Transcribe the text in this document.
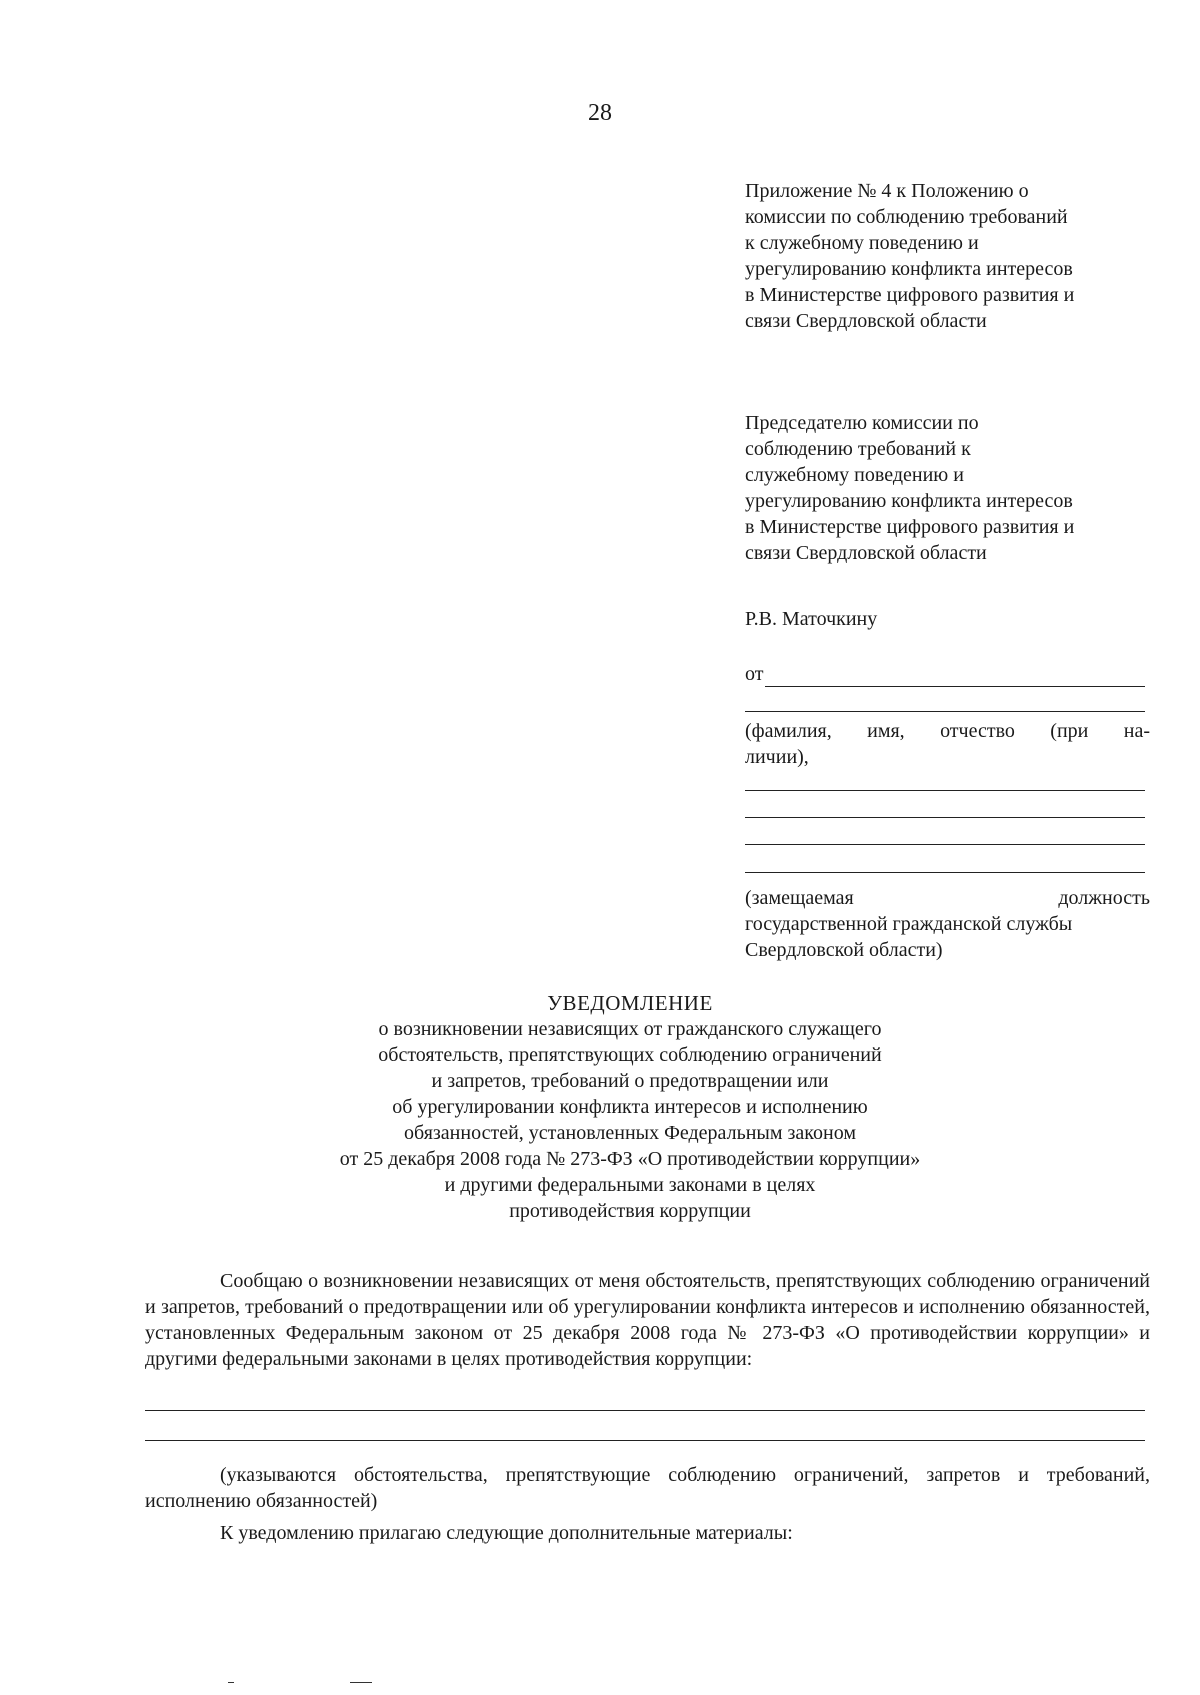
28
Приложение № 4 к Положению о
комиссии по соблюдению требований
к служебному поведению и
урегулированию конфликта интересов
в Министерстве цифрового развития и
связи Свердловской области
Председателю комиссии по
соблюдению требований к
служебному поведению и
урегулированию конфликта интересов
в Министерстве цифрового развития и
связи Свердловской области
Р.В. Маточкину
от
(фамилия, имя, отчество (при на-
личии),
(замещаемая	должность
государственной гражданской службы
Свердловской области)
УВЕДОМЛЕНИЕ
о возникновении независящих от гражданского служащего
обстоятельств, препятствующих соблюдению ограничений
и запретов, требований о предотвращении или
об урегулировании конфликта интересов и исполнению
обязанностей, установленных Федеральным законом
от 25 декабря 2008 года № 273-ФЗ «О противодействии коррупции»
и другими федеральными законами в целях
противодействия коррупции
Сообщаю о возникновении независящих от меня обстоятельств, препятствующих соблюдению ограничений и запретов, требований о предотвращении или об урегулировании конфликта интересов и исполнению обязанностей, установленных Федеральным законом от 25 декабря 2008 года № 273-ФЗ «О противодействии коррупции» и другими федеральными законами в целях противодействия коррупции:
(указываются обстоятельства, препятствующие соблюдению ограничений, запретов и требований, исполнению обязанностей)
К уведомлению прилагаю следующие дополнительные материалы:
